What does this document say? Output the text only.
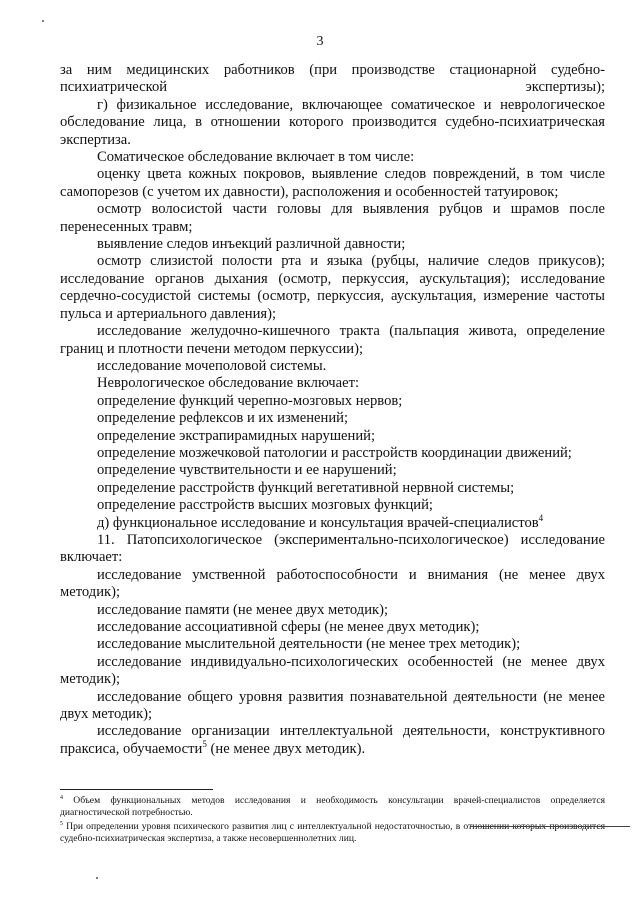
3

за ним медицинских работников (при производстве стационарной судебно-психиатрической экспертизы);

г) физикальное исследование, включающее соматическое и неврологическое обследование лица, в отношении которого производится судебно-психиатрическая экспертиза.

Соматическое обследование включает в том числе:

оценку цвета кожных покровов, выявление следов повреждений, в том числе самопорезов (с учетом их давности), расположения и особенностей татуировок;

осмотр волосистой части головы для выявления рубцов и шрамов после перенесенных травм;

выявление следов инъекций различной давности;

осмотр слизистой полости рта и языка (рубцы, наличие следов прикусов); исследование органов дыхания (осмотр, перкуссия, аускультация); исследование сердечно-сосудистой системы (осмотр, перкуссия, аускультация, измерение частоты пульса и артериального давления);

исследование желудочно-кишечного тракта (пальпация живота, определение границ и плотности печени методом перкуссии);

исследование мочеполовой системы.

Неврологическое обследование включает:

определение функций черепно-мозговых нервов;

определение рефлексов и их изменений;

определение экстрапирамидных нарушений;

определение мозжечковой патологии и расстройств координации движений;

определение чувствительности и ее нарушений;

определение расстройств функций вегетативной нервной системы;

определение расстройств высших мозговых функций;

д) функциональное исследование и консультация врачей-специалистов$^4$

11. Патопсихологическое (экспериментально-психологическое) исследование включает:

исследование умственной работоспособности и внимания (не менее двух методик);

исследование памяти (не менее двух методик);

исследование ассоциативной сферы (не менее двух методик);

исследование мыслительной деятельности (не менее трех методик);

исследование индивидуально-психологических особенностей (не менее двух методик);

исследование общего уровня развития познавательной деятельности (не менее двух методик);

исследование организации интеллектуальной деятельности, конструктивного праксиса, обучаемости$^5$ (не менее двух методик).

$^4$ Объем функциональных методов исследования и необходимость консультации врачей-специалистов определяется диагностической потребностью.

$^5$ При определении уровня психического развития лиц с интеллектуальной недостаточностью, в отношении которых производится судебно-психиатрическая экспертиза, а также несовершеннолетних лиц.
